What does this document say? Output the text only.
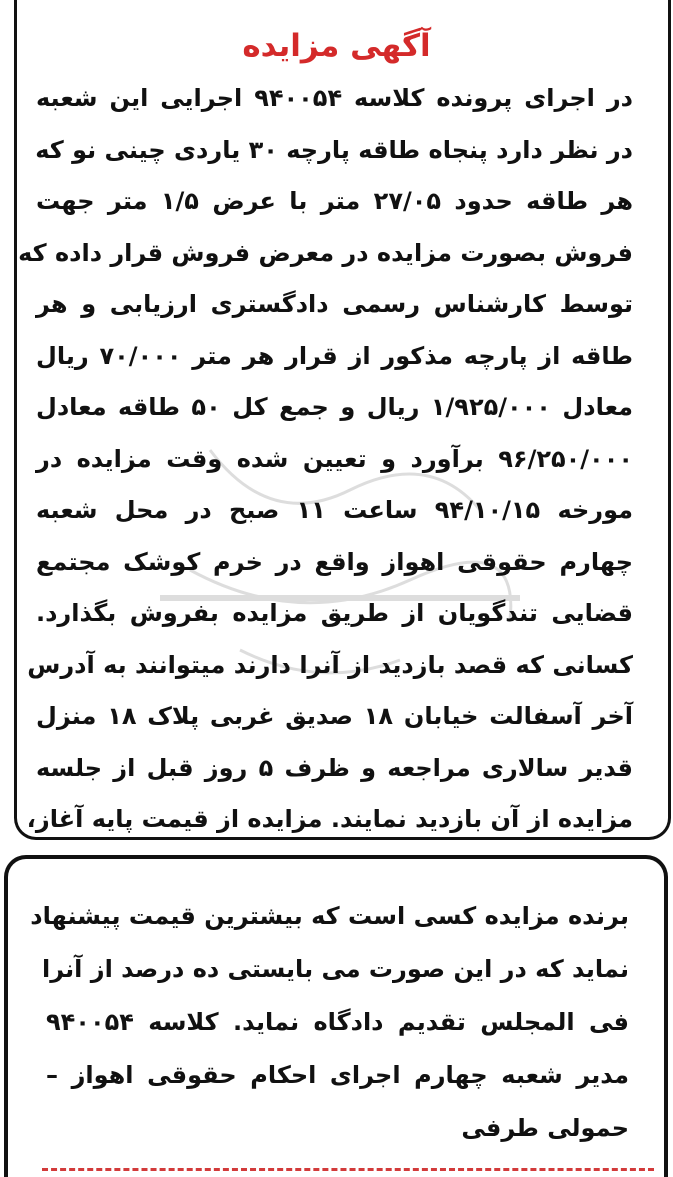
آگهی مزایده
در اجرای پرونده کلاسه ۹۴۰۰۵۴ اجرایی این شعبه
در نظر دارد پنجاه طاقه پارچه ۳۰ یاردی چینی نو که
هر طاقه حدود ۲۷/۰۵ متر با عرض ۱/۵ متر جهت
فروش بصورت مزایده در معرض فروش قرار داده که
توسط کارشناس رسمی دادگستری ارزیابی و هر
طاقه از پارچه مذکور از قرار هر متر ۷۰/۰۰۰ ریال
معادل ۱/۹۲۵/۰۰۰ ریال و جمع کل ۵۰ طاقه معادل
۹۶/۲۵۰/۰۰۰ برآورد و تعیین شده وقت مزایده در
مورخه ۹۴/۱۰/۱۵ ساعت ۱۱ صبح در محل شعبه
چهارم حقوقی اهواز واقع در خرم کوشک مجتمع
قضایی تندگویان از طریق مزایده بفروش بگذارد.
کسانی که قصد بازدید از آنرا دارند میتوانند به آدرس
آخر آسفالت خیابان ۱۸ صدیق غربی پلاک ۱۸ منزل
قدیر سالاری مراجعه و ظرف ۵ روز قبل از جلسه
مزایده از آن بازدید نمایند. مزایده از قیمت پایه آغاز،
برنده مزایده کسی است که بیشترین قیمت پیشنهاد
نماید که در این صورت می بایستی ده درصد از آنرا
فی المجلس تقدیم دادگاه نماید. کلاسه ۹۴۰۰۵۴
مدیر شعبه چهارم اجرای احکام حقوقی اهواز –
حمولی طرفی
